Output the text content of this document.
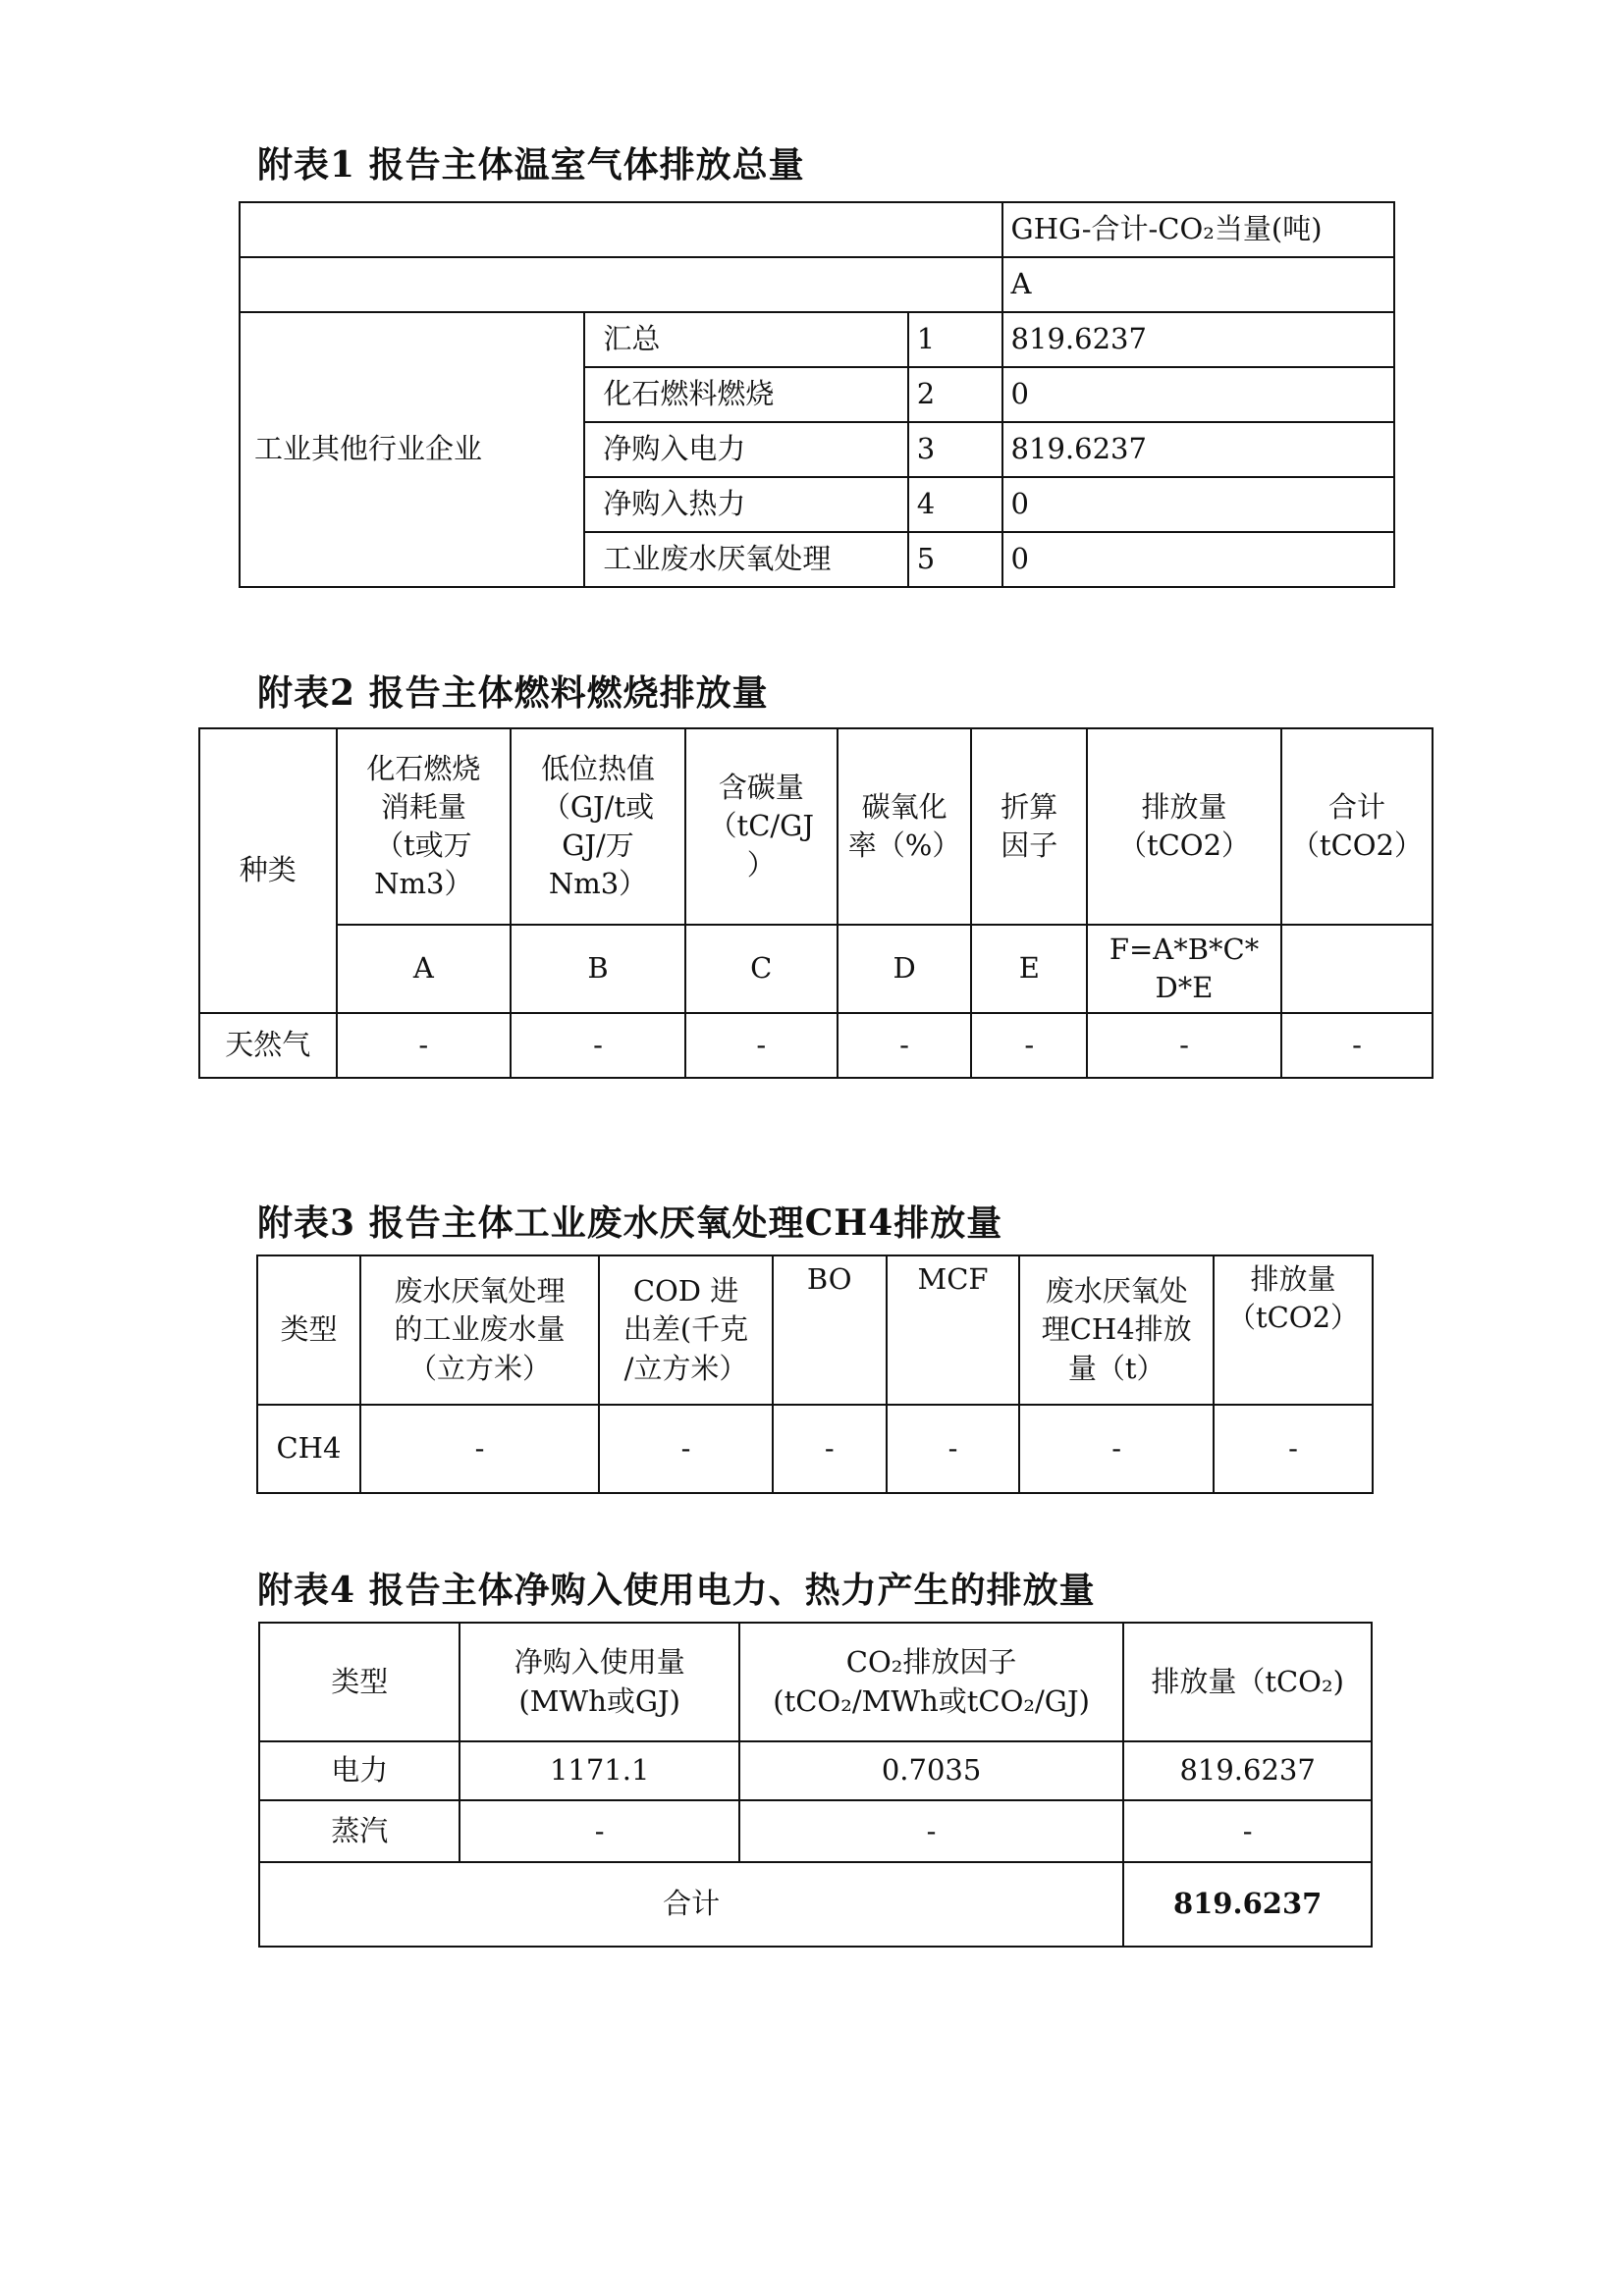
附表1 报告主体温室气体排放总量
			GHG-合计-CO₂当量(吨)
			A
工业其他行业企业	汇总	1	819.6237
	化石燃料燃烧	2	0
	净购入电力	3	819.6237
	净购入热力	4	0
	工业废水厌氧处理	5	0
附表2 报告主体燃料燃烧排放量
种类	化石燃烧
消耗量
（t或万
Nm3）	低位热值
（GJ/t或
GJ/万
Nm3）	含碳量
（tC/GJ
）	碳氧化
率（%）	折算
因子	排放量
（tCO2）	合计
（tCO2）
	A	B	C	D	E	F=A*B*C*
D*E	
天然气	-	-	-	-	-	-	-
附表3 报告主体工业废水厌氧处理CH4排放量
类型	废水厌氧处理
的工业废水量
（立方米）	COD 进
出差(千克
/立方米）	BO	MCF	废水厌氧处
理CH4排放
量（t）	排放量
（tCO2）
CH4	-	-	-	-	-	-
附表4 报告主体净购入使用电力、热力产生的排放量
类型	净购入使用量
(MWh或GJ)	CO₂排放因子
(tCO₂/MWh或tCO₂/GJ)	排放量（tCO₂)
电力	1171.1	0.7035	819.6237
蒸汽	-	-	-
合计			819.6237
